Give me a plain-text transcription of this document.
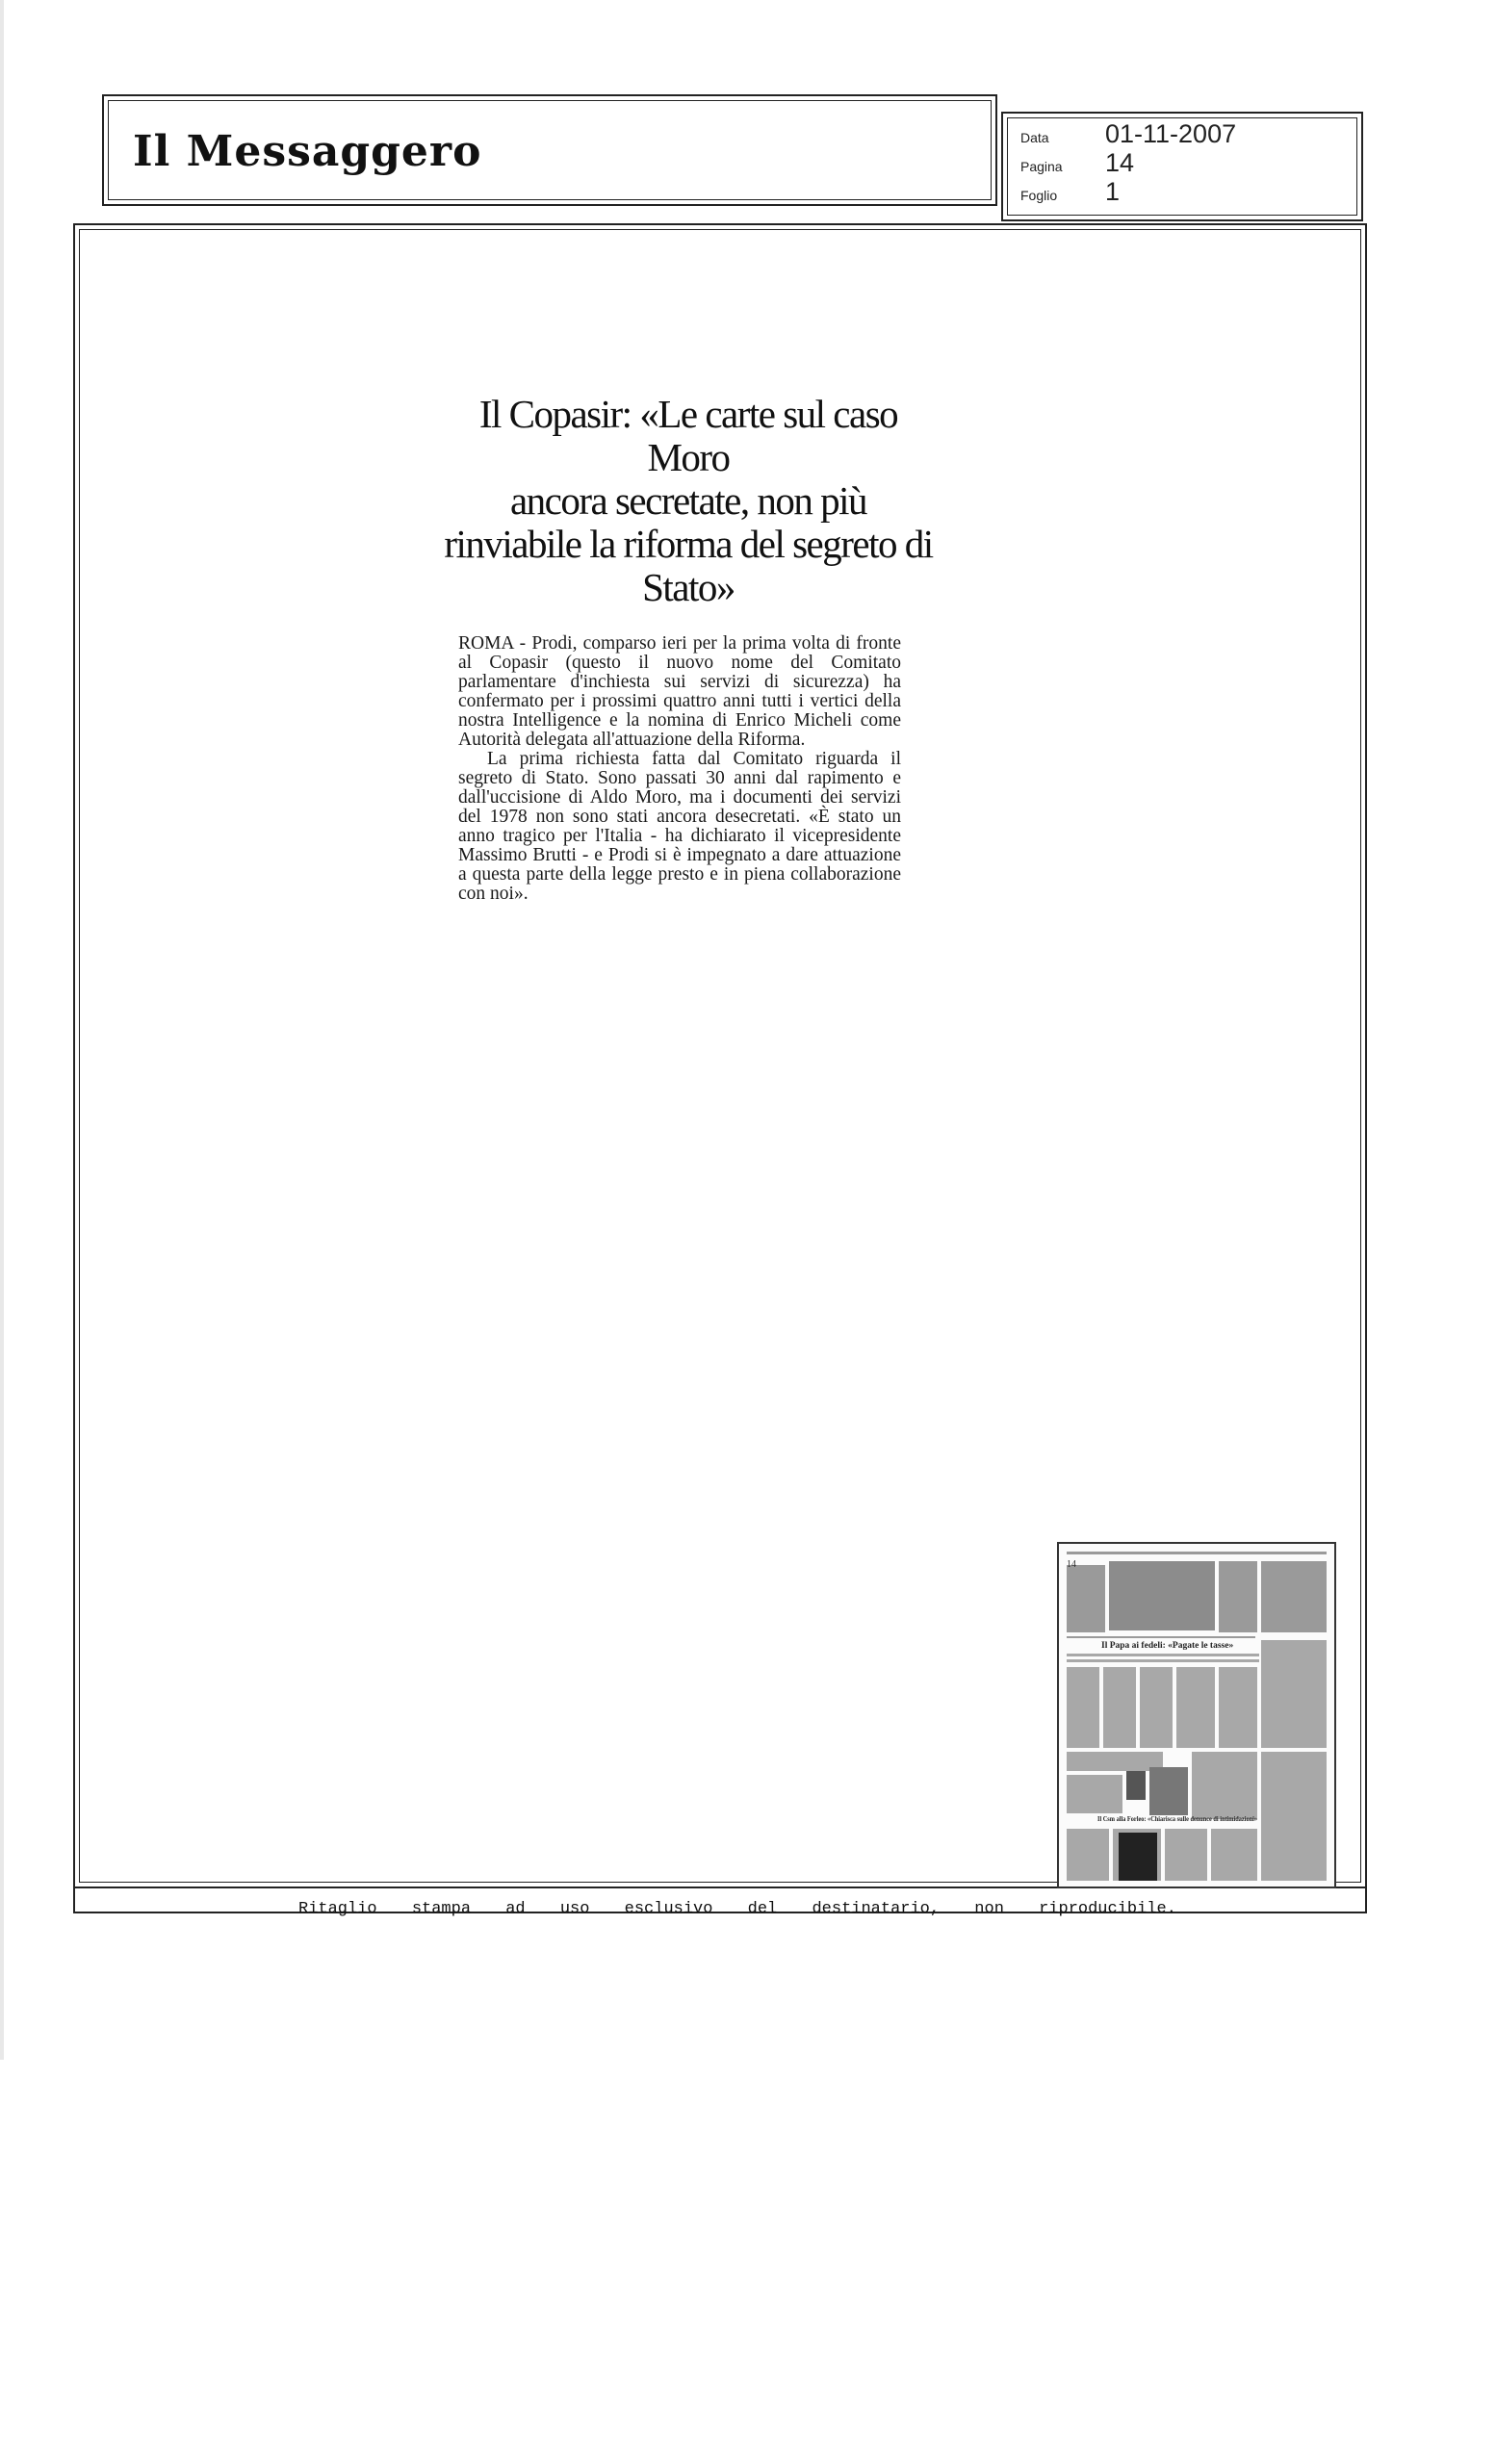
Il Messaggero	Data	01-11-2007
Pagina	14
Foglio	1
Il Copasir: «Le carte sul caso Moro
ancora secretate, non più
rinviabile la riforma del segreto di Stato»

ROMA - Prodi, comparso ieri per la prima volta di fronte al Copasir (questo il nuovo nome del Comitato parlamentare d'inchiesta sui servizi di sicurezza) ha confermato per i prossimi quattro anni tutti i vertici della nostra Intelligence e la nomina di Enrico Micheli come Autorità delegata all'attuazione della Riforma.

La prima richiesta fatta dal Comitato riguarda il segreto di Stato. Sono passati 30 anni dal rapimento e dall'uccisione di Aldo Moro, ma i documenti dei servizi del 1978 non sono stati ancora desecretati. «È stato un anno tragico per l'Italia - ha dichiarato il vicepresidente Massimo Brutti - e Prodi si è impegnato a dare attuazione a questa parte della legge presto e in piena collaborazione con noi».

14
Il Papa ai fedeli: «Pagate le tasse»
Il Csm alla Forleo: «Chiarisca sulle denunce di intimidazioni»
Ritaglio stampa ad uso esclusivo del destinatario, non riproducibile.
